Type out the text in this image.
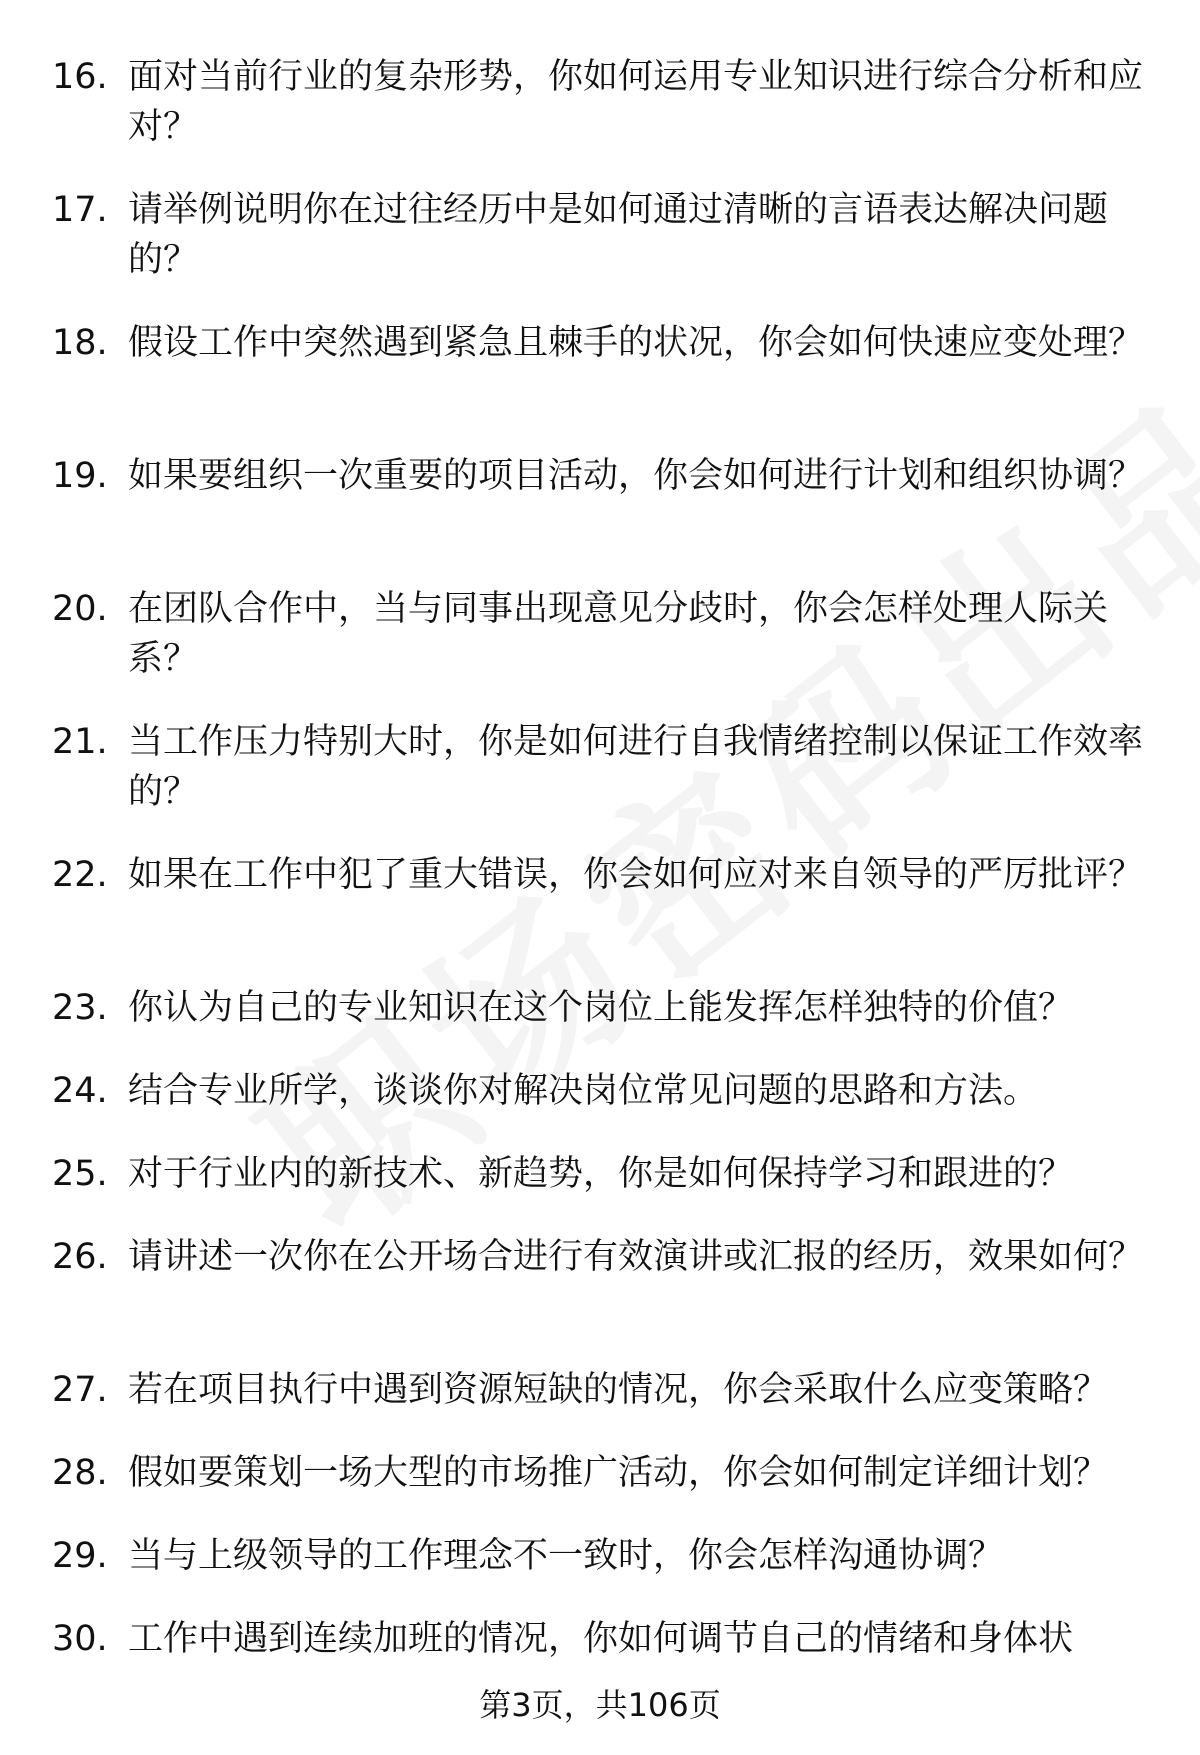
16. 面对当前行业的复杂形势，你如何运用专业知识进行综合分析和应对？
17. 请举例说明你在过往经历中是如何通过清晰的言语表达解决问题的？
18. 假设工作中突然遇到紧急且棘手的状况，你会如何快速应变处理？
19. 如果要组织一次重要的项目活动，你会如何进行计划和组织协调？
20. 在团队合作中，当与同事出现意见分歧时，你会怎样处理人际关系？
21. 当工作压力特别大时，你是如何进行自我情绪控制以保证工作效率的？
22. 如果在工作中犯了重大错误，你会如何应对来自领导的严厉批评？
23. 你认为自己的专业知识在这个岗位上能发挥怎样独特的价值？
24. 结合专业所学，谈谈你对解决岗位常见问题的思路和方法。
25. 对于行业内的新技术、新趋势，你是如何保持学习和跟进的？
26. 请讲述一次你在公开场合进行有效演讲或汇报的经历，效果如何？
27. 若在项目执行中遇到资源短缺的情况，你会采取什么应变策略？
28. 假如要策划一场大型的市场推广活动，你会如何制定详细计划？
29. 当与上级领导的工作理念不一致时，你会怎样沟通协调？
30. 工作中遇到连续加班的情况，你如何调节自己的情绪和身体状
第3页，共106页
